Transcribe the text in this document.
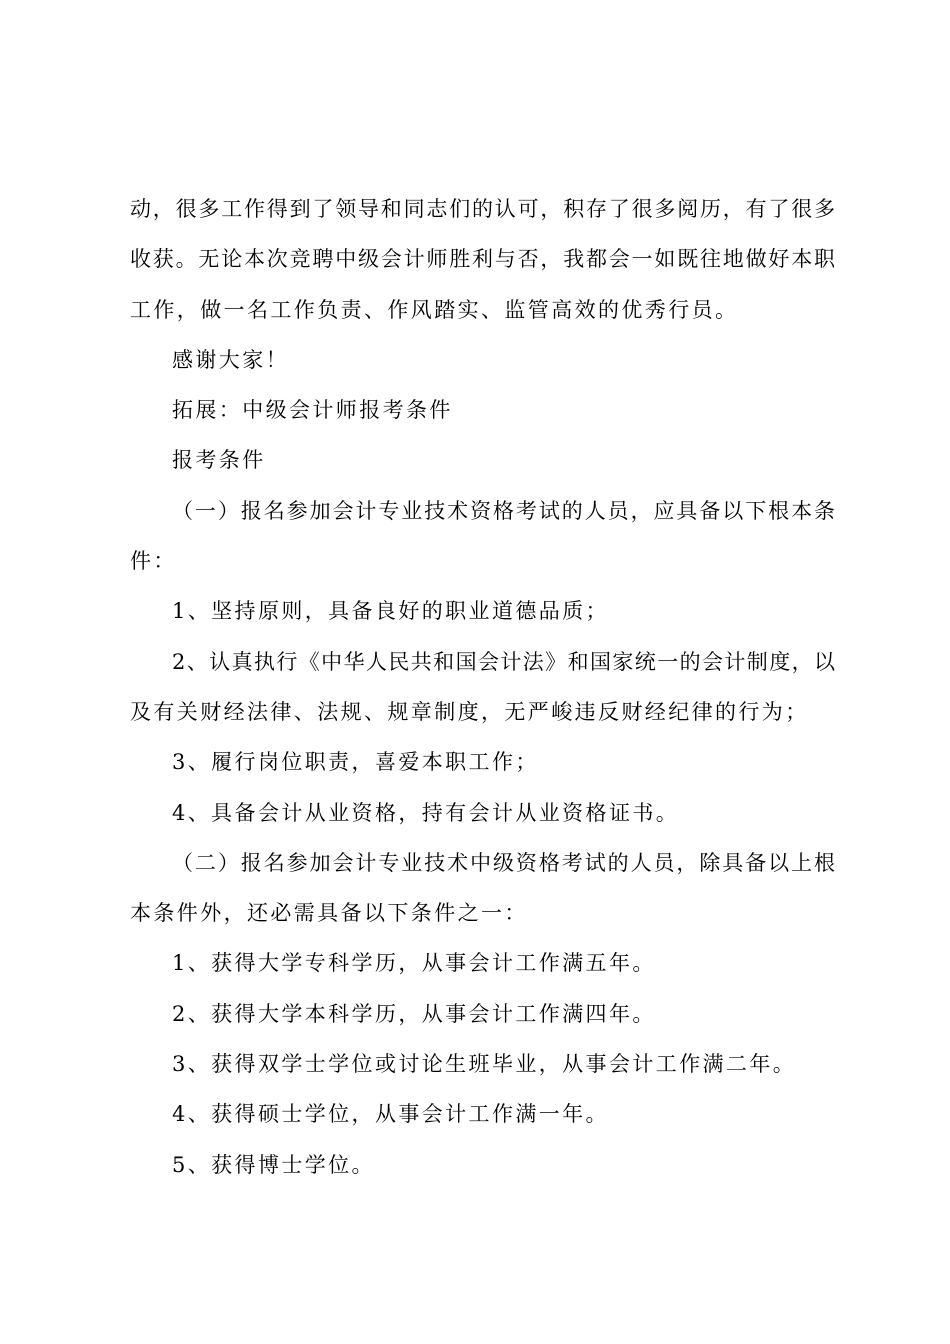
动，很多工作得到了领导和同志们的认可，积存了很多阅历，有了很多
收获。无论本次竞聘中级会计师胜利与否，我都会一如既往地做好本职
工作，做一名工作负责、作风踏实、监管高效的优秀行员。
感谢大家！
拓展：中级会计师报考条件
报考条件
（一）报名参加会计专业技术资格考试的人员，应具备以下根本条
件：
1、坚持原则，具备良好的职业道德品质；
2、认真执行《中华人民共和国会计法》和国家统一的会计制度，以
及有关财经法律、法规、规章制度，无严峻违反财经纪律的行为；
3、履行岗位职责，喜爱本职工作；
4、具备会计从业资格，持有会计从业资格证书。
（二）报名参加会计专业技术中级资格考试的人员，除具备以上根
本条件外，还必需具备以下条件之一：
1、获得大学专科学历，从事会计工作满五年。
2、获得大学本科学历，从事会计工作满四年。
3、获得双学士学位或讨论生班毕业，从事会计工作满二年。
4、获得硕士学位，从事会计工作满一年。
5、获得博士学位。
